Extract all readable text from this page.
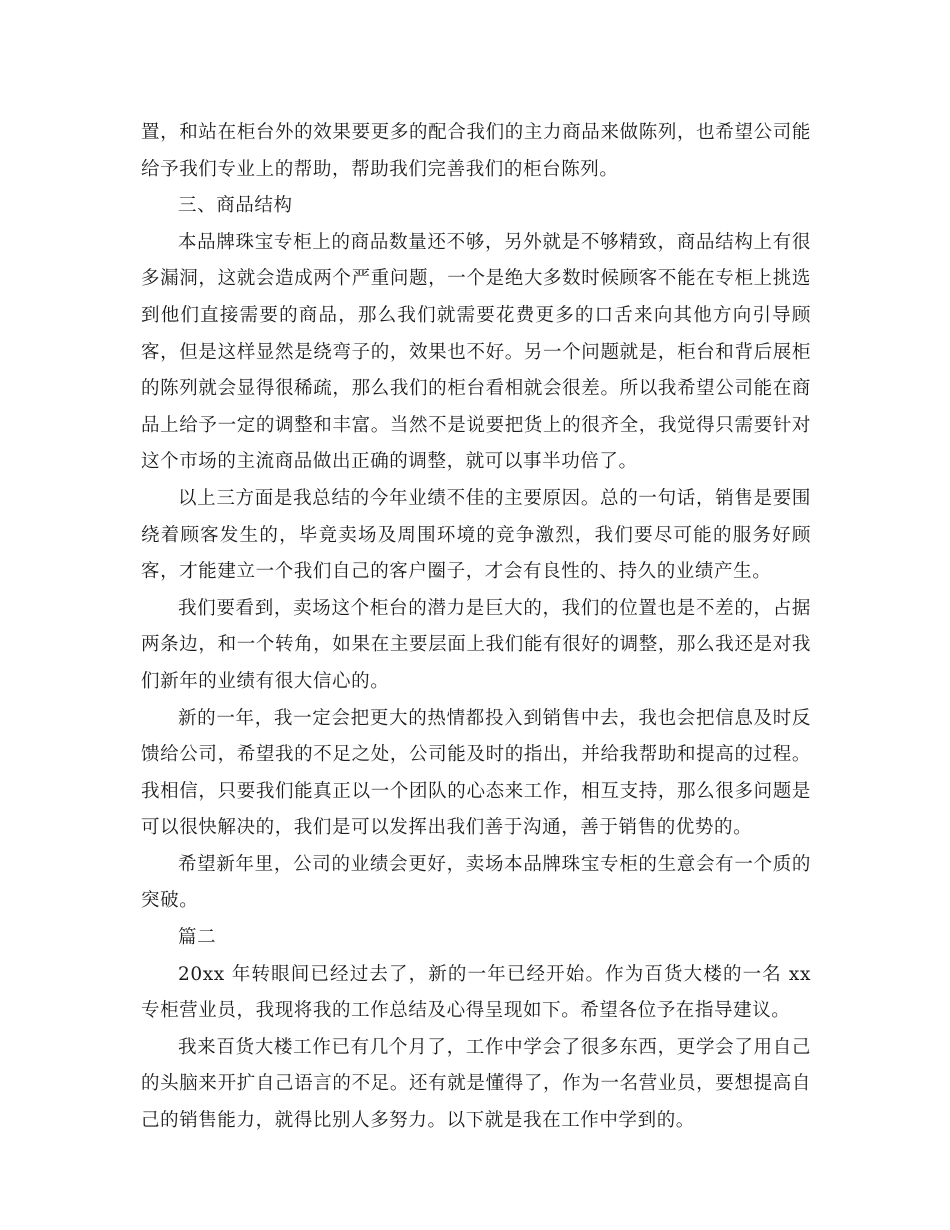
置，和站在柜台外的效果要更多的配合我们的主力商品来做陈列，也希望公司能给予我们专业上的帮助，帮助我们完善我们的柜台陈列。

三、商品结构

本品牌珠宝专柜上的商品数量还不够，另外就是不够精致，商品结构上有很多漏洞，这就会造成两个严重问题，一个是绝大多数时候顾客不能在专柜上挑选到他们直接需要的商品，那么我们就需要花费更多的口舌来向其他方向引导顾客，但是这样显然是绕弯子的，效果也不好。另一个问题就是，柜台和背后展柜的陈列就会显得很稀疏，那么我们的柜台看相就会很差。所以我希望公司能在商品上给予一定的调整和丰富。当然不是说要把货上的很齐全，我觉得只需要针对这个市场的主流商品做出正确的调整，就可以事半功倍了。

以上三方面是我总结的今年业绩不佳的主要原因。总的一句话，销售是要围绕着顾客发生的，毕竟卖场及周围环境的竞争激烈，我们要尽可能的服务好顾客，才能建立一个我们自己的客户圈子，才会有良性的、持久的业绩产生。

我们要看到，卖场这个柜台的潜力是巨大的，我们的位置也是不差的，占据两条边，和一个转角，如果在主要层面上我们能有很好的调整，那么我还是对我们新年的业绩有很大信心的。

新的一年，我一定会把更大的热情都投入到销售中去，我也会把信息及时反馈给公司，希望我的不足之处，公司能及时的指出，并给我帮助和提高的过程。我相信，只要我们能真正以一个团队的心态来工作，相互支持，那么很多问题是可以很快解决的，我们是可以发挥出我们善于沟通，善于销售的优势的。

希望新年里，公司的业绩会更好，卖场本品牌珠宝专柜的生意会有一个质的突破。

篇二

20xx 年转眼间已经过去了，新的一年已经开始。作为百货大楼的一名 xx 专柜营业员，我现将我的工作总结及心得呈现如下。希望各位予在指导建议。

我来百货大楼工作已有几个月了，工作中学会了很多东西，更学会了用自己的头脑来开扩自己语言的不足。还有就是懂得了，作为一名营业员，要想提高自己的销售能力，就得比别人多努力。以下就是我在工作中学到的。
